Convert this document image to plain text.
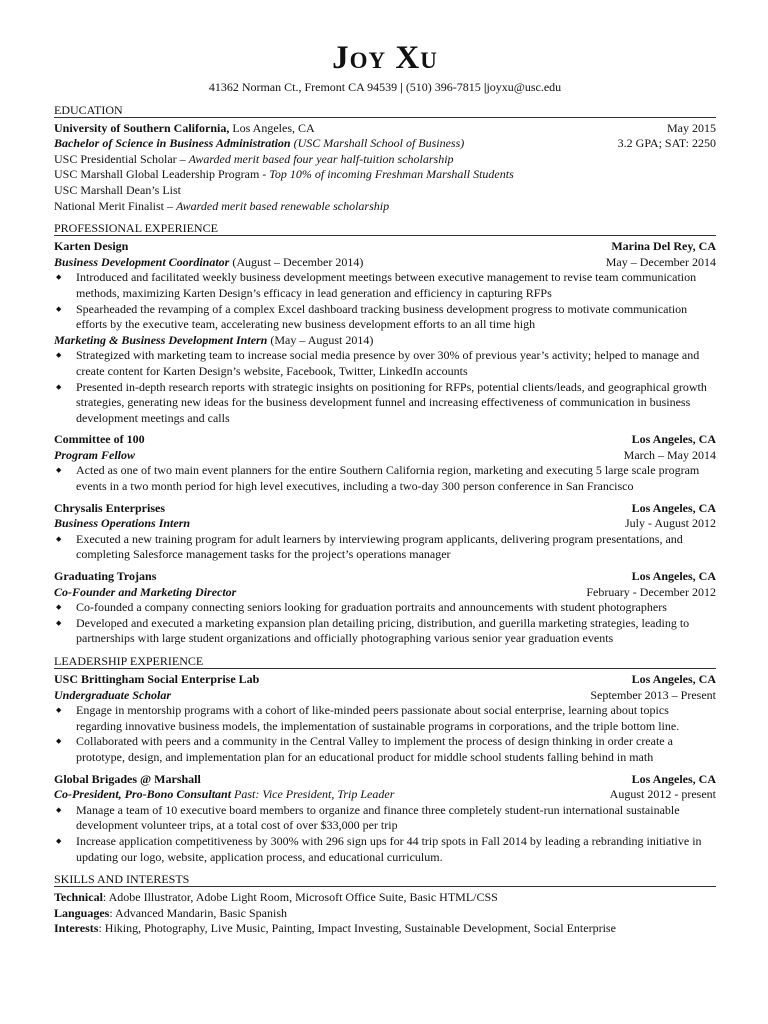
Joy Xu
41362 Norman Ct., Fremont CA 94539 | (510) 396-7815 |joyxu@usc.edu
EDUCATION
University of Southern California, Los Angeles, CA	May 2015
Bachelor of Science in Business Administration (USC Marshall School of Business)	3.2 GPA; SAT: 2250
USC Presidential Scholar – Awarded merit based four year half-tuition scholarship
USC Marshall Global Leadership Program - Top 10% of incoming Freshman Marshall Students
USC Marshall Dean’s List
National Merit Finalist – Awarded merit based renewable scholarship
PROFESSIONAL EXPERIENCE
Karten Design	Marina Del Rey, CA
Business Development Coordinator (August – December 2014)	May – December 2014
◆ Introduced and facilitated weekly business development meetings between executive management to revise team communication methods, maximizing Karten Design’s efficacy in lead generation and efficiency in capturing RFPs
◆ Spearheaded the revamping of a complex Excel dashboard tracking business development progress to motivate communication efforts by the executive team, accelerating new business development efforts to an all time high
Marketing & Business Development Intern (May – August 2014)
◆ Strategized with marketing team to increase social media presence by over 30% of previous year’s activity; helped to manage and create content for Karten Design’s website, Facebook, Twitter, LinkedIn accounts
◆ Presented in-depth research reports with strategic insights on positioning for RFPs, potential clients/leads, and geographical growth strategies, generating new ideas for the business development funnel and increasing effectiveness of communication in business development meetings and calls
Committee of 100	Los Angeles, CA
Program Fellow	March – May 2014
◆ Acted as one of two main event planners for the entire Southern California region, marketing and executing 5 large scale program events in a two month period for high level executives, including a two-day 300 person conference in San Francisco
Chrysalis Enterprises	Los Angeles, CA
Business Operations Intern	July - August 2012
◆ Executed a new training program for adult learners by interviewing program applicants, delivering program presentations, and completing Salesforce management tasks for the project’s operations manager
Graduating Trojans	Los Angeles, CA
Co-Founder and Marketing Director	February - December 2012
◆ Co-founded a company connecting seniors looking for graduation portraits and announcements with student photographers
◆ Developed and executed a marketing expansion plan detailing pricing, distribution, and guerilla marketing strategies, leading to partnerships with large student organizations and officially photographing various senior year graduation events
LEADERSHIP EXPERIENCE
USC Brittingham Social Enterprise Lab	Los Angeles, CA
Undergraduate Scholar	September 2013 – Present
◆ Engage in mentorship programs with a cohort of like-minded peers passionate about social enterprise, learning about topics regarding innovative business models, the implementation of sustainable programs in corporations, and the triple bottom line.
◆ Collaborated with peers and a community in the Central Valley to implement the process of design thinking in order create a prototype, design, and implementation plan for an educational product for middle school students falling behind in math
Global Brigades @ Marshall	Los Angeles, CA
Co-President, Pro-Bono Consultant Past: Vice President, Trip Leader	August 2012 - present
◆ Manage a team of 10 executive board members to organize and finance three completely student-run international sustainable development volunteer trips, at a total cost of over $33,000 per trip
◆ Increase application competitiveness by 300% with 296 sign ups for 44 trip spots in Fall 2014 by leading a rebranding initiative in updating our logo, website, application process, and educational curriculum.
SKILLS AND INTERESTS
Technical: Adobe Illustrator, Adobe Light Room, Microsoft Office Suite, Basic HTML/CSS
Languages: Advanced Mandarin, Basic Spanish
Interests: Hiking, Photography, Live Music, Painting, Impact Investing, Sustainable Development, Social Enterprise
